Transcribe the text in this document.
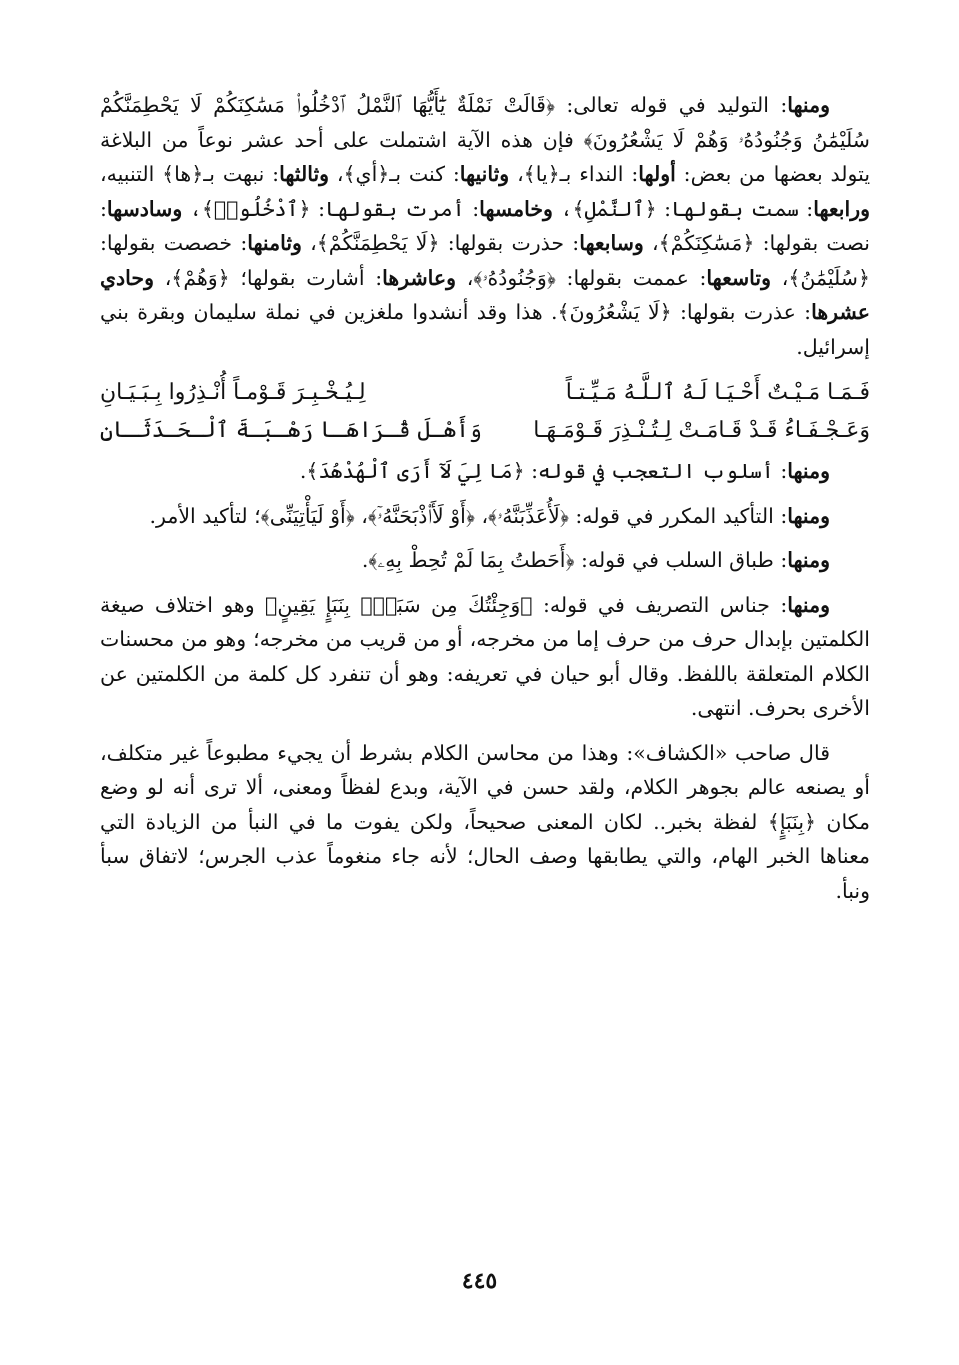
ومنها: التوليد في قوله تعالى: ﴿قَالَتْ نَمْلَةٌ يَٰٓأَيُّهَا ٱلنَّمْلُ ٱدْخُلُوا۟ مَسَٰكِنَكُمْ لَا يَحْطِمَنَّكُمْ سُلَيْمَٰنُ وَجُنُودُهُۥ وَهُمْ لَا يَشْعُرُونَ﴾ فإن هذه الآية اشتملت على أحد عشر نوعاً من البلاغة يتولد بعضها من بعض: أولها: النداء بـ﴿يا﴾، وثانيها: كنت بـ﴿أي﴾، وثالثها: نبهت بـ﴿ها﴾ التنبيه، ورابعها: سمت بقولها: ﴿ٱلنَّمْلِ﴾، وخامسها: أمرت بقولها: ﴿ٱدْخُلُوا۟﴾، وسادسها: نصت بقولها: ﴿مَسَٰكِنَكُمْ﴾، وسابعها: حذرت بقولها: ﴿لَا يَحْطِمَنَّكُمْ﴾، وثامنها: خصصت بقولها: ﴿سُلَيْمَٰنُ﴾، وتاسعها: عممت بقولها: ﴿وَجُنُودُهُۥ﴾، وعاشرها: أشارت بقولها؛ ﴿وَهُمْ﴾، وحادي عشرها: عذرت بقولها: ﴿لَا يَشْعُرُونَ﴾. هذا وقد أنشدوا ملغزين في نملة سليمان وبقرة بني إسرائيل.

فَـمَـا مَـيْـتٌ أَحْـيَـا لَـهُ ٱلـلَّـهُ مَـيِّـتـاً
لِـيُـخْـبِـرَ قَـوْمـاً أُنْـذِرُوا بِـبَـيَـانِ
وَعَـجْـفَـاءُ قَـدْ قَـامَـتْ لِـتُـنْـذِرَ قَـوْمَـهَـا
وَأَهْـلَ قُـرَاهَـا رَهْـبَـةَ ٱلْـحَـدَثَـانِ

ومنها: أسلوب التعجب في قوله: ﴿مَا لِيَ لَآ أَرَى ٱلْهُدْهُدَ﴾.

ومنها: التأكيد المكرر في قوله: ﴿لَأُعَذِّبَنَّهُۥ﴾، ﴿أَوْ لَأَا۟ذْبَحَنَّهُۥٓ﴾، ﴿أَوْ لَيَأْتِيَنِّى﴾؛ لتأكيد الأمر.

ومنها: طباق السلب في قوله: ﴿أَحَطتُ بِمَا لَمْ تُحِطْ بِهِۦ﴾.

ومنها: جناس التصريف في قوله: ﴿وَجِئْتُكَ مِن سَبَإٍۭ بِنَبَإٍ يَقِينٍ﴾ وهو اختلاف صيغة الكلمتين بإبدال حرف من حرف إما من مخرجه، أو من قريب من مخرجه؛ وهو من محسنات الكلام المتعلقة باللفظ. وقال أبو حيان في تعريفه: وهو أن تنفرد كل كلمة من الكلمتين عن الأخرى بحرف. انتهى.

قال صاحب «الكشاف»: وهذا من محاسن الكلام بشرط أن يجيء مطبوعاً غير متكلف، أو يصنعه عالم بجوهر الكلام، ولقد حسن في الآية، وبدع لفظاً ومعنى، ألا ترى أنه لو وضع مكان ﴿بِنَبَإٍ﴾ لفظة بخبر.. لكان المعنى صحيحاً، ولكن يفوت ما في النبأ من الزيادة التي معناها الخبر الهام، والتي يطابقها وصف الحال؛ لأنه جاء منغوماً عذب الجرس؛ لاتفاق سبأ ونبأ.

٤٤٥
